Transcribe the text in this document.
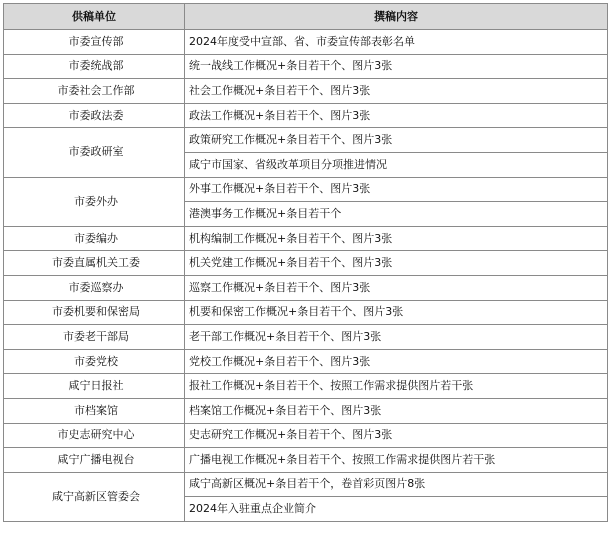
供稿单位	撰稿内容
市委宣传部	2024年度受中宣部、省、市委宣传部表彰名单
市委统战部	统一战线工作概况+条目若干个、图片3张
市委社会工作部	社会工作概况+条目若干个、图片3张
市委政法委	政法工作概况+条目若干个、图片3张
市委政研室	政策研究工作概况+条目若干个、图片3张
	咸宁市国家、省级改革项目分项推进情况
市委外办	外事工作概况+条目若干个、图片3张
	港澳事务工作概况+条目若干个
市委编办	机构编制工作概况+条目若干个、图片3张
市委直属机关工委	机关党建工作概况+条目若干个、图片3张
市委巡察办	巡察工作概况+条目若干个、图片3张
市委机要和保密局	机要和保密工作概况+条目若干个、图片3张
市委老干部局	老干部工作概况+条目若干个、图片3张
市委党校	党校工作概况+条目若干个、图片3张
咸宁日报社	报社工作概况+条目若干个、按照工作需求提供图片若干张
市档案馆	档案馆工作概况+条目若干个、图片3张
市史志研究中心	史志研究工作概况+条目若干个、图片3张
咸宁广播电视台	广播电视工作概况+条目若干个、按照工作需求提供图片若干张
咸宁高新区管委会	咸宁高新区概况+条目若干个，卷首彩页图片8张
	2024年入驻重点企业简介
